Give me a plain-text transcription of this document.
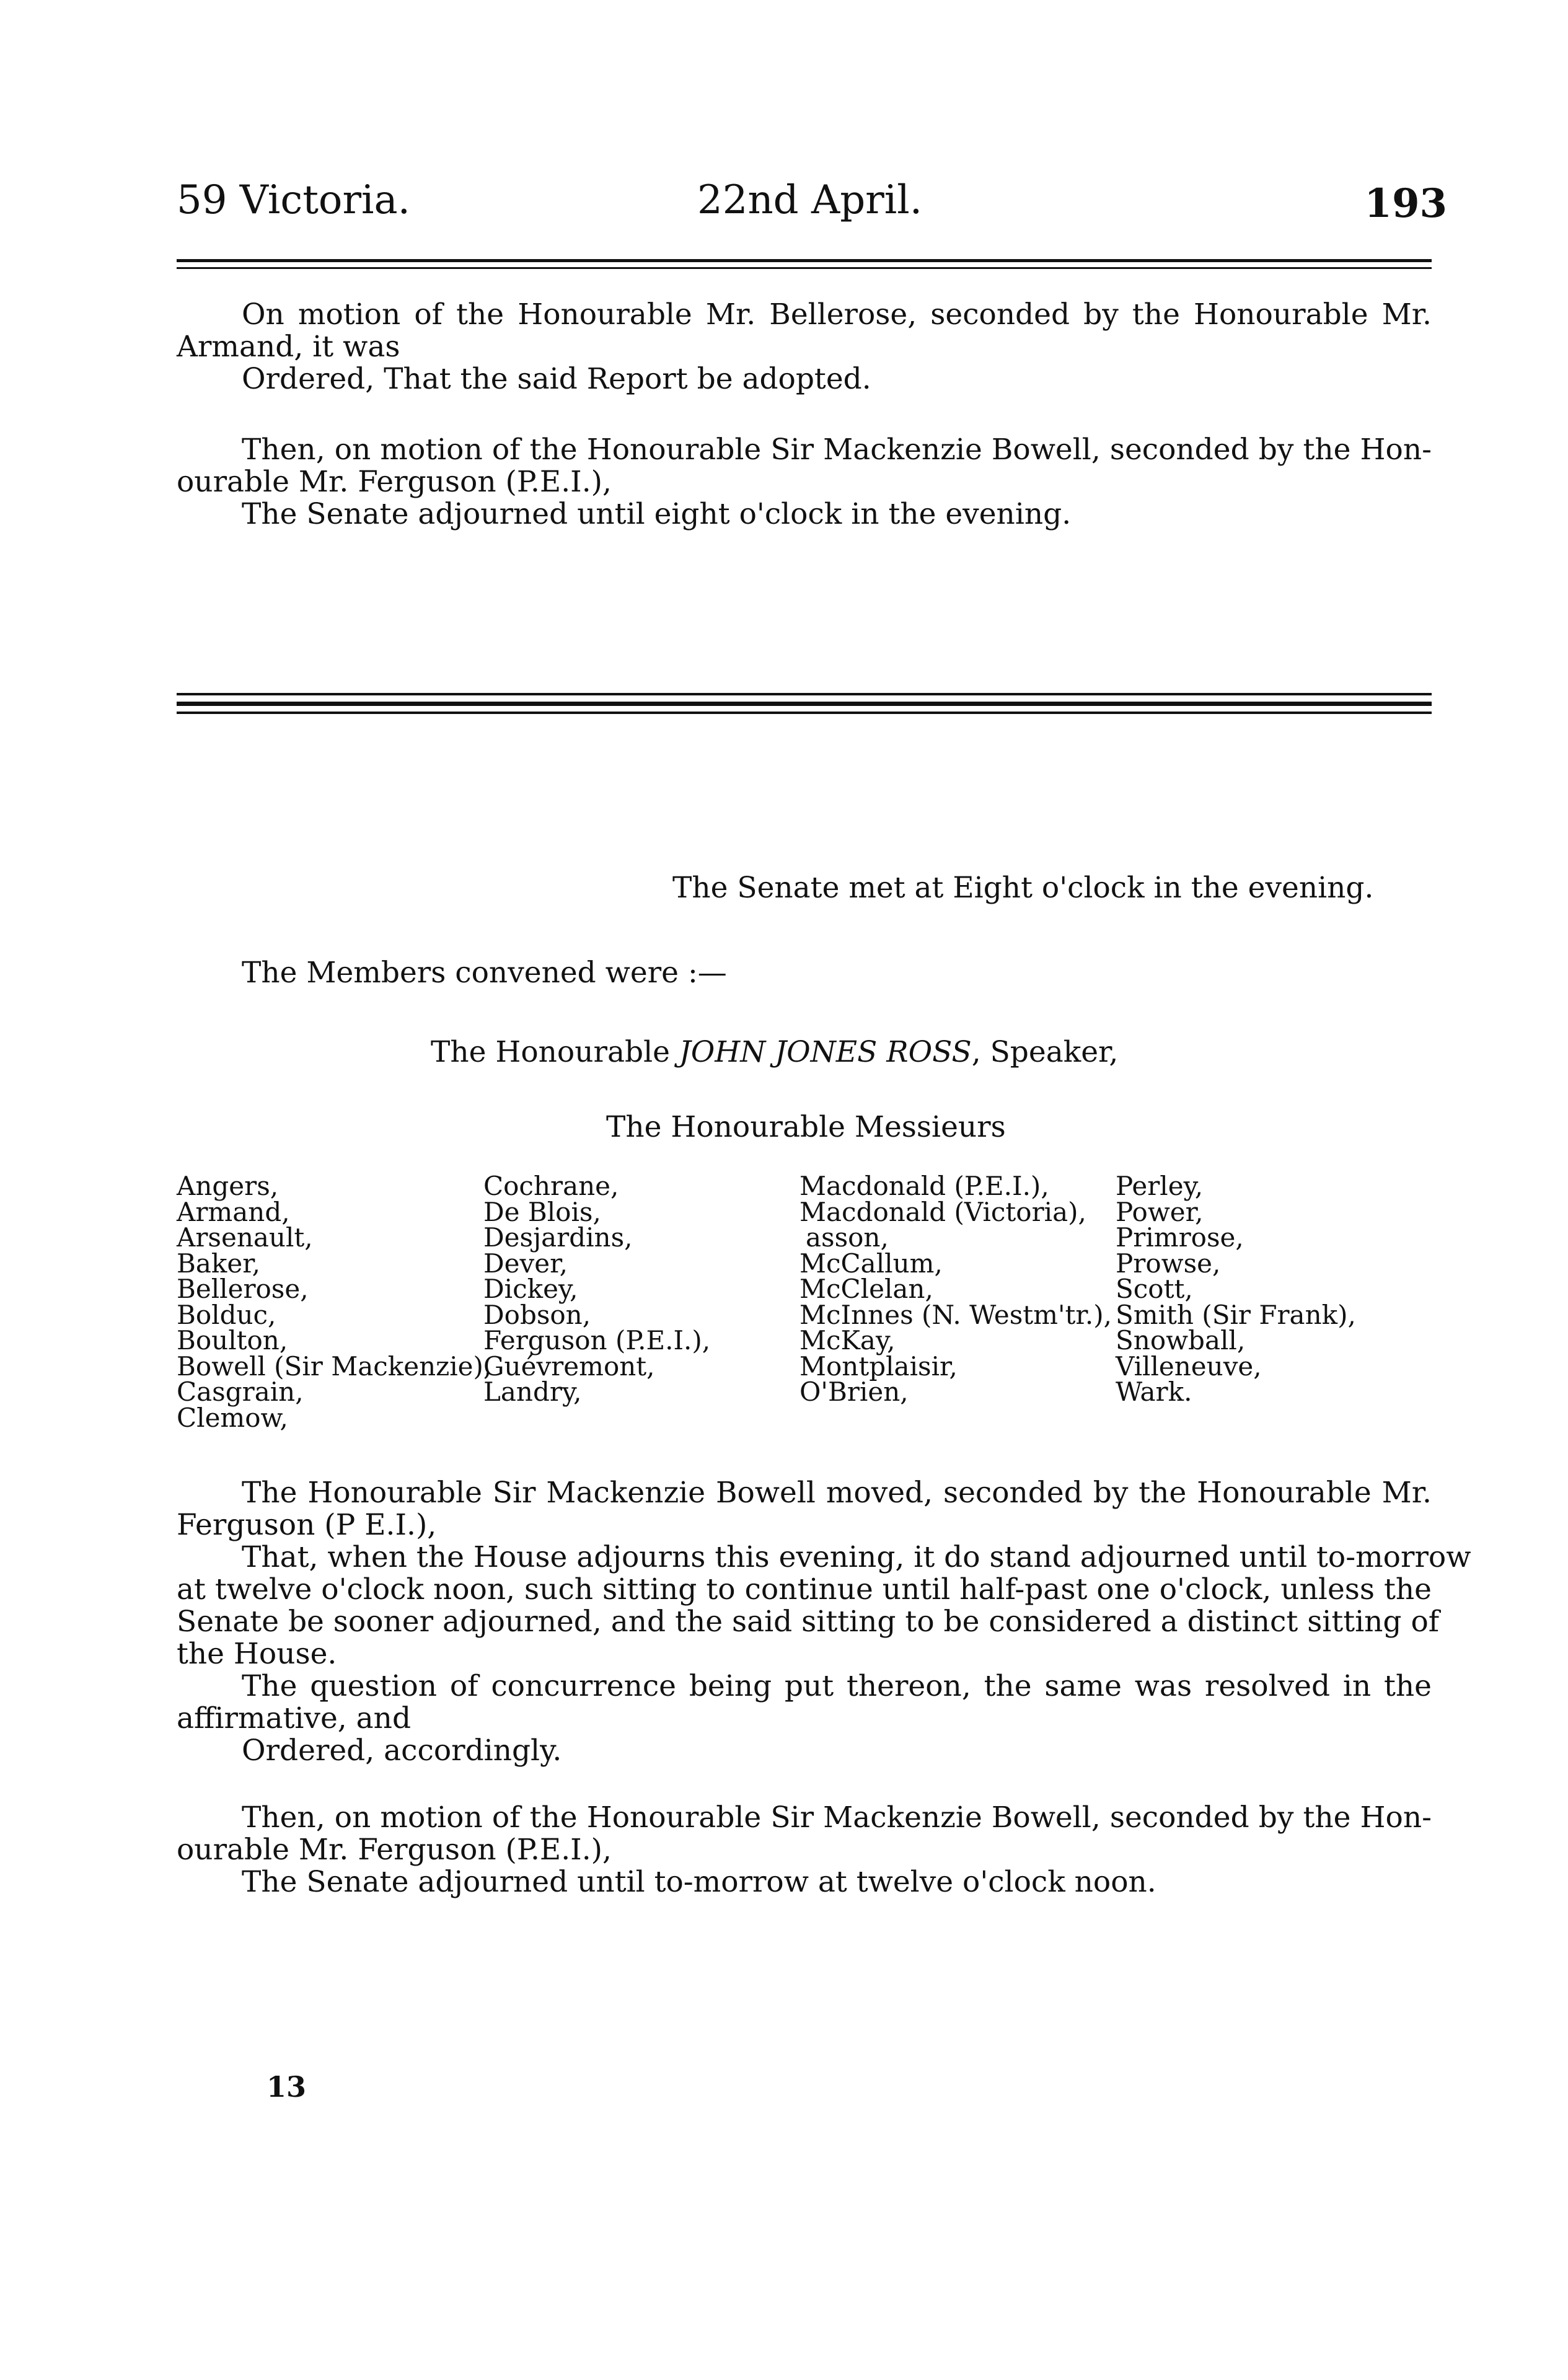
59 Victoria.	22nd April.	193
On motion of the Honourable Mr. Bellerose, seconded by the Honourable Mr.
Armand, it was
Ordered, That the said Report be adopted.
Then, on motion of the Honourable Sir Mackenzie Bowell, seconded by the Hon-
ourable Mr. Ferguson (P.E.I.),
The Senate adjourned until eight o'clock in the evening.
The Senate met at Eight o'clock in the evening.
The Members convened were :—
The Honourable JOHN JONES ROSS, Speaker,
The Honourable Messieurs
Angers,
Armand,
Arsenault,
Baker,
Bellerose,
Bolduc,
Boulton,
Bowell (Sir Mackenzie),
Casgrain,
Clemow,
Cochrane,
De Blois,
Desjardins,
Dever,
Dickey,
Dobson,
Ferguson (P.E.I.),
Guévremont,
Landry,
Macdonald (P.E.I.),
Macdonald (Victoria),
asson,
McCallum,
McClelan,
McInnes (N. Westm'tr.),
McKay,
Montplaisir,
O'Brien,
Perley,
Power,
Primrose,
Prowse,
Scott,
Smith (Sir Frank),
Snowball,
Villeneuve,
Wark.
The Honourable Sir Mackenzie Bowell moved, seconded by the Honourable Mr.
Ferguson (P E.I.),
That, when the House adjourns this evening, it do stand adjourned until to-morrow
at twelve o'clock noon, such sitting to continue until half-past one o'clock, unless the
Senate be sooner adjourned, and the said sitting to be considered a distinct sitting of
the House.
The question of concurrence being put thereon, the same was resolved in the
affirmative, and
Ordered, accordingly.
Then, on motion of the Honourable Sir Mackenzie Bowell, seconded by the Hon-
ourable Mr. Ferguson (P.E.I.),
The Senate adjourned until to-morrow at twelve o'clock noon.
13
